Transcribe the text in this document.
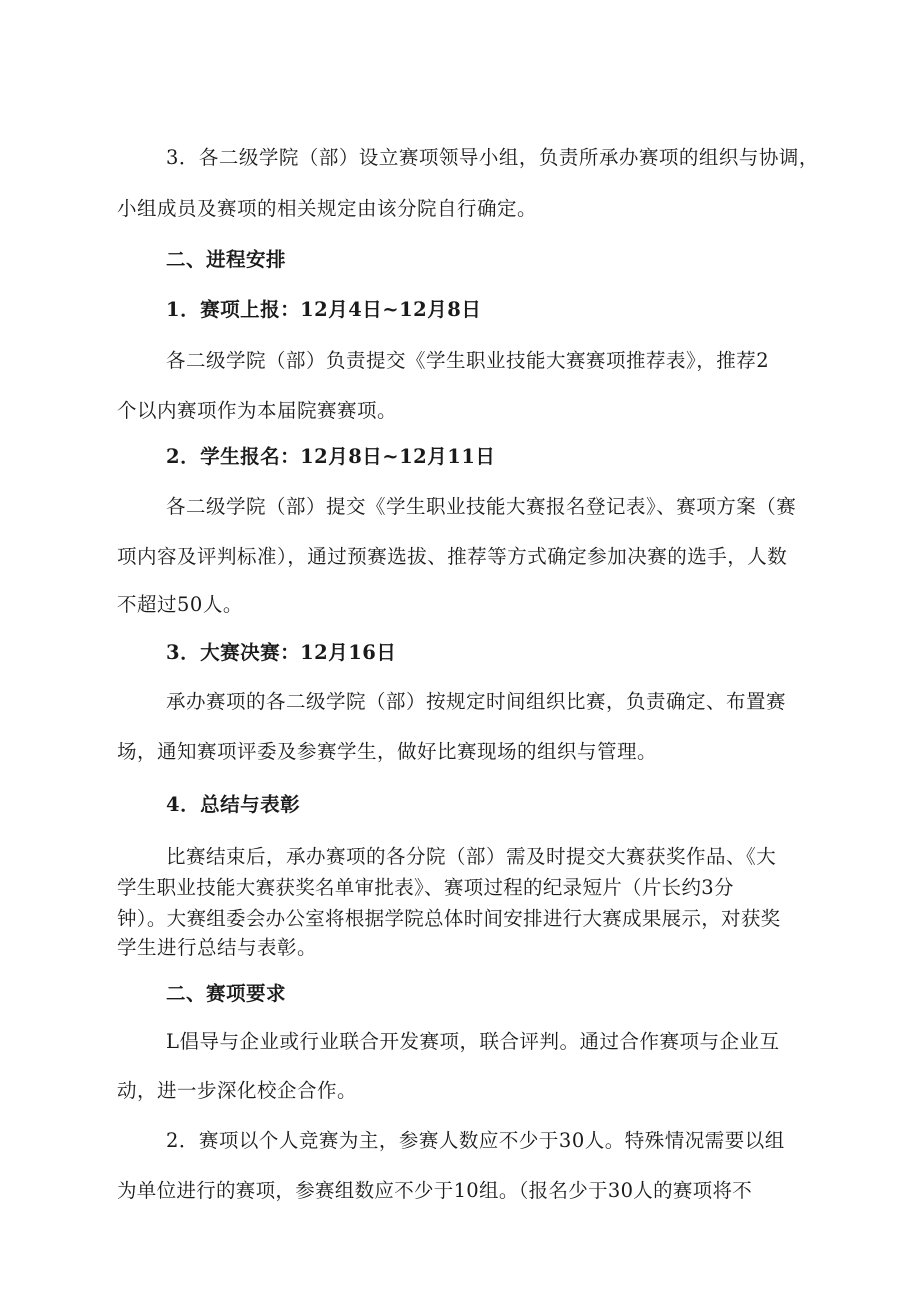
3．各二级学院（部）设立赛项领导小组，负责所承办赛项的组织与协调，

小组成员及赛项的相关规定由该分院自行确定。

二、进程安排

1．赛项上报：12月4日~12月8日

各二级学院（部）负责提交《学生职业技能大赛赛项推荐表》，推荐2

个以内赛项作为本届院赛赛项。

2．学生报名：12月8日~12月11日

各二级学院（部）提交《学生职业技能大赛报名登记表》、赛项方案（赛

项内容及评判标准），通过预赛选拔、推荐等方式确定参加决赛的选手，人数

不超过50人。

3．大赛决赛：12月16日

承办赛项的各二级学院（部）按规定时间组织比赛，负责确定、布置赛

场，通知赛项评委及参赛学生，做好比赛现场的组织与管理。

4．总结与表彰

比赛结束后，承办赛项的各分院（部）需及时提交大赛获奖作品、《大

学生职业技能大赛获奖名单审批表》、赛项过程的纪录短片（片长约3分

钟）。大赛组委会办公室将根据学院总体时间安排进行大赛成果展示，对获奖

学生进行总结与表彰。

二、赛项要求

L倡导与企业或行业联合开发赛项，联合评判。通过合作赛项与企业互

动，进一步深化校企合作。

2．赛项以个人竞赛为主，参赛人数应不少于30人。特殊情况需要以组

为单位进行的赛项，参赛组数应不少于10组。（报名少于30人的赛项将不
